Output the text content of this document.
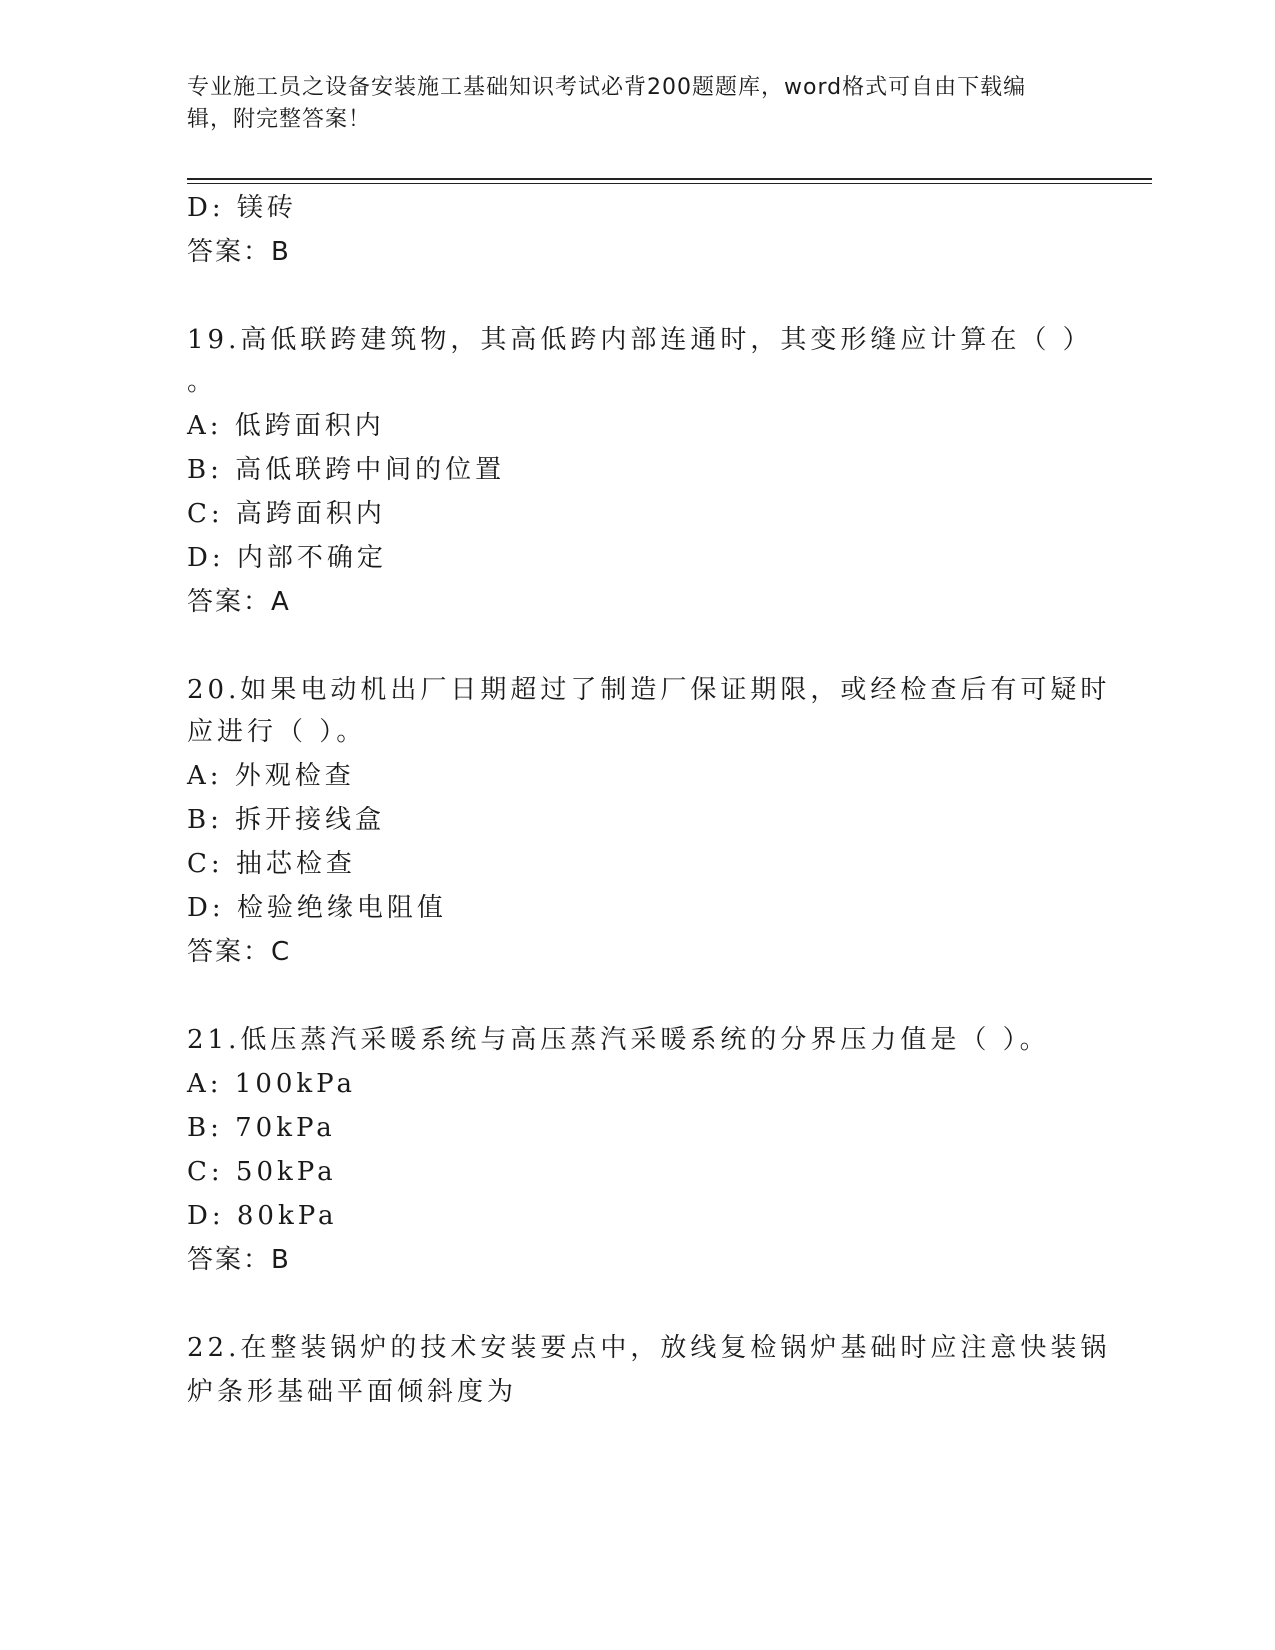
专业施工员之设备安装施工基础知识考试必背200题题库，word格式可自由下载编辑，附完整答案！
D: 镁砖
答案：B
19.高低联跨建筑物，其高低跨内部连通时，其变形缝应计算在（ ）
。
A: 低跨面积内
B: 高低联跨中间的位置
C: 高跨面积内
D: 内部不确定
答案：A
20.如果电动机出厂日期超过了制造厂保证期限，或经检查后有可疑时
应进行（ ）。
A: 外观检查
B: 拆开接线盒
C: 抽芯检查
D: 检验绝缘电阻值
答案：C
21.低压蒸汽采暖系统与高压蒸汽采暖系统的分界压力值是（ ）。
A: 100kPa
B: 70kPa
C: 50kPa
D: 80kPa
答案：B
22.在整装锅炉的技术安装要点中，放线复检锅炉基础时应注意快装锅
炉条形基础平面倾斜度为
